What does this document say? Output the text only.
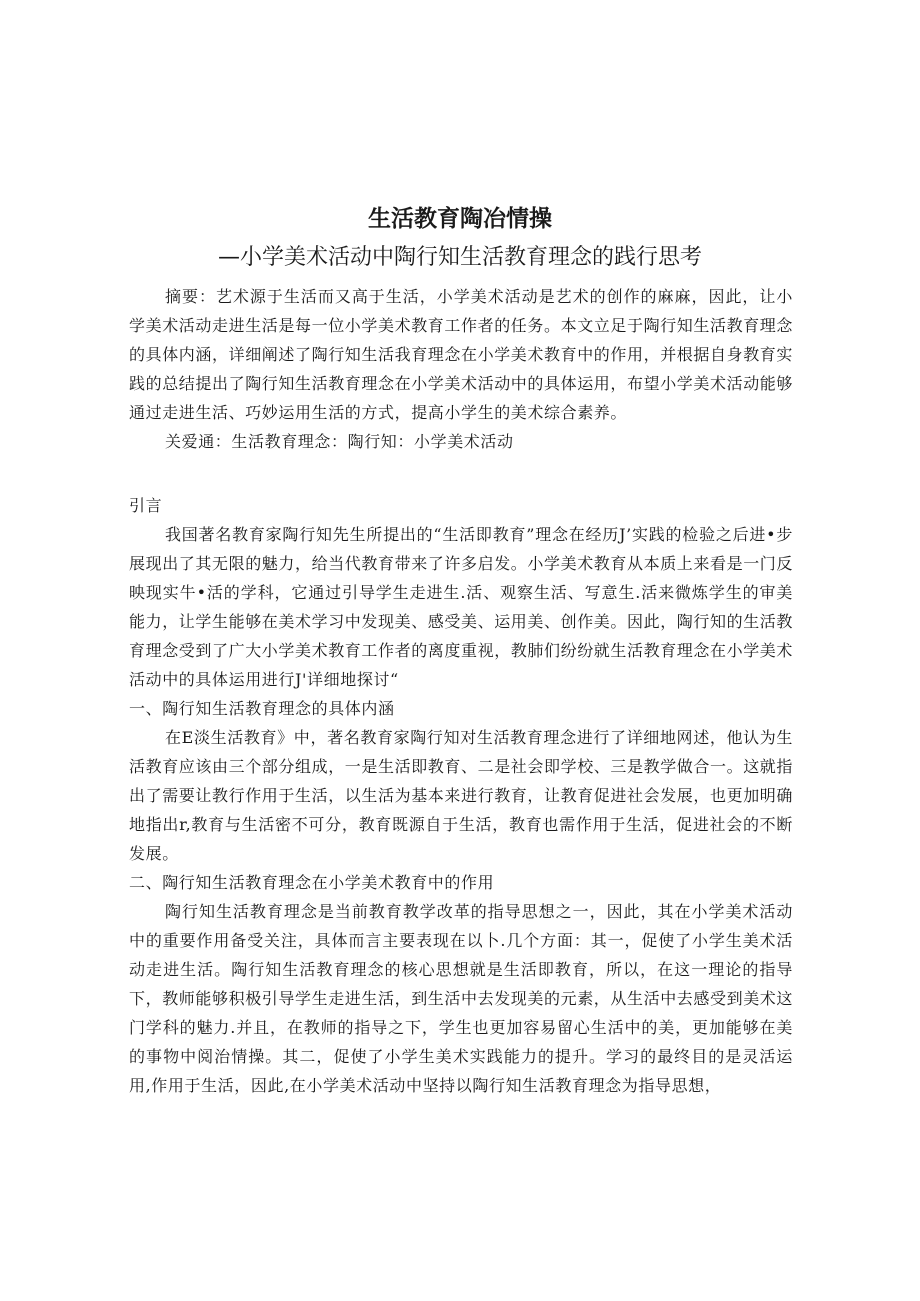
生活教育陶冶情操
—小学美术活动中陶行知生活教育理念的践行思考

摘要：艺术源于生活而又高于生活，小学美术活动是艺术的创作的麻麻，因此，让小学美术活动走进生活是每一位小学美术教育工作者的任务。本文立足于陶行知生活教育理念的具体内涵，详细阐述了陶行知生活我育理念在小学美术教育中的作用，并根据自身教育实践的总结提出了陶行知生活教育理念在小学美术活动中的具体运用，布望小学美术活动能够通过走进生活、巧妙运用生活的方式，提高小学生的美术综合素养。

关爱通：生活教育理念：陶行知：小学美术活动

引言

我国著名教育家陶行知先生所提出的“生活即教育”理念在经历J’实践的检验之后进•步展现出了其无限的魅力，给当代教育带来了许多启发。小学美术教育从本质上来看是一门反映现实牛•活的学科，它通过引导学生走进生.活、观察生活、写意生.活来微炼学生的审美能力，让学生能够在美术学习中发现美、感受美、运用美、创作美。因此，陶行知的生活教育理念受到了广大小学美术教育工作者的离度重视，教肺们纷纷就生活教育理念在小学美术活动中的具体运用进行J'详细地探讨“

一、陶行知生活教育理念的具体内涵

在E淡生活教育》中，著名教育家陶行知对生活教育理念进行了详细地网述，他认为生活教育应该由三个部分组成，一是生活即教育、二是社会即学校、三是教学做合一。这就指出了需要让教行作用于生活，以生活为基本来进行教育，让教育促进社会发展，也更加明确地指出r,教育与生活密不可分，教育既源自于生活，教育也需作用于生活，促进社会的不断发展。

二、陶行知生活教育理念在小学美术教育中的作用

陶行知生活教育理念是当前教育教学改革的指导思想之一，因此，其在小学美术活动中的重要作用备受关注，具体而言主要表现在以卜.几个方面：其一，促使了小学生美术活动走进生活。陶行知生活教育理念的核心思想就是生活即教育，所以，在这一理论的指导下，教师能够积极引导学生走进生活，到生活中去发现美的元素，从生活中去感受到美术这门学科的魅力.并且，在教师的指导之下，学生也更加容易留心生活中的美，更加能够在美的事物中阅治情操。其二，促使了小学生美术实践能力的提升。学习的最终目的是灵活运用,作用于生活，因此,在小学美术活动中坚持以陶行知生活教育理念为指导思想，
